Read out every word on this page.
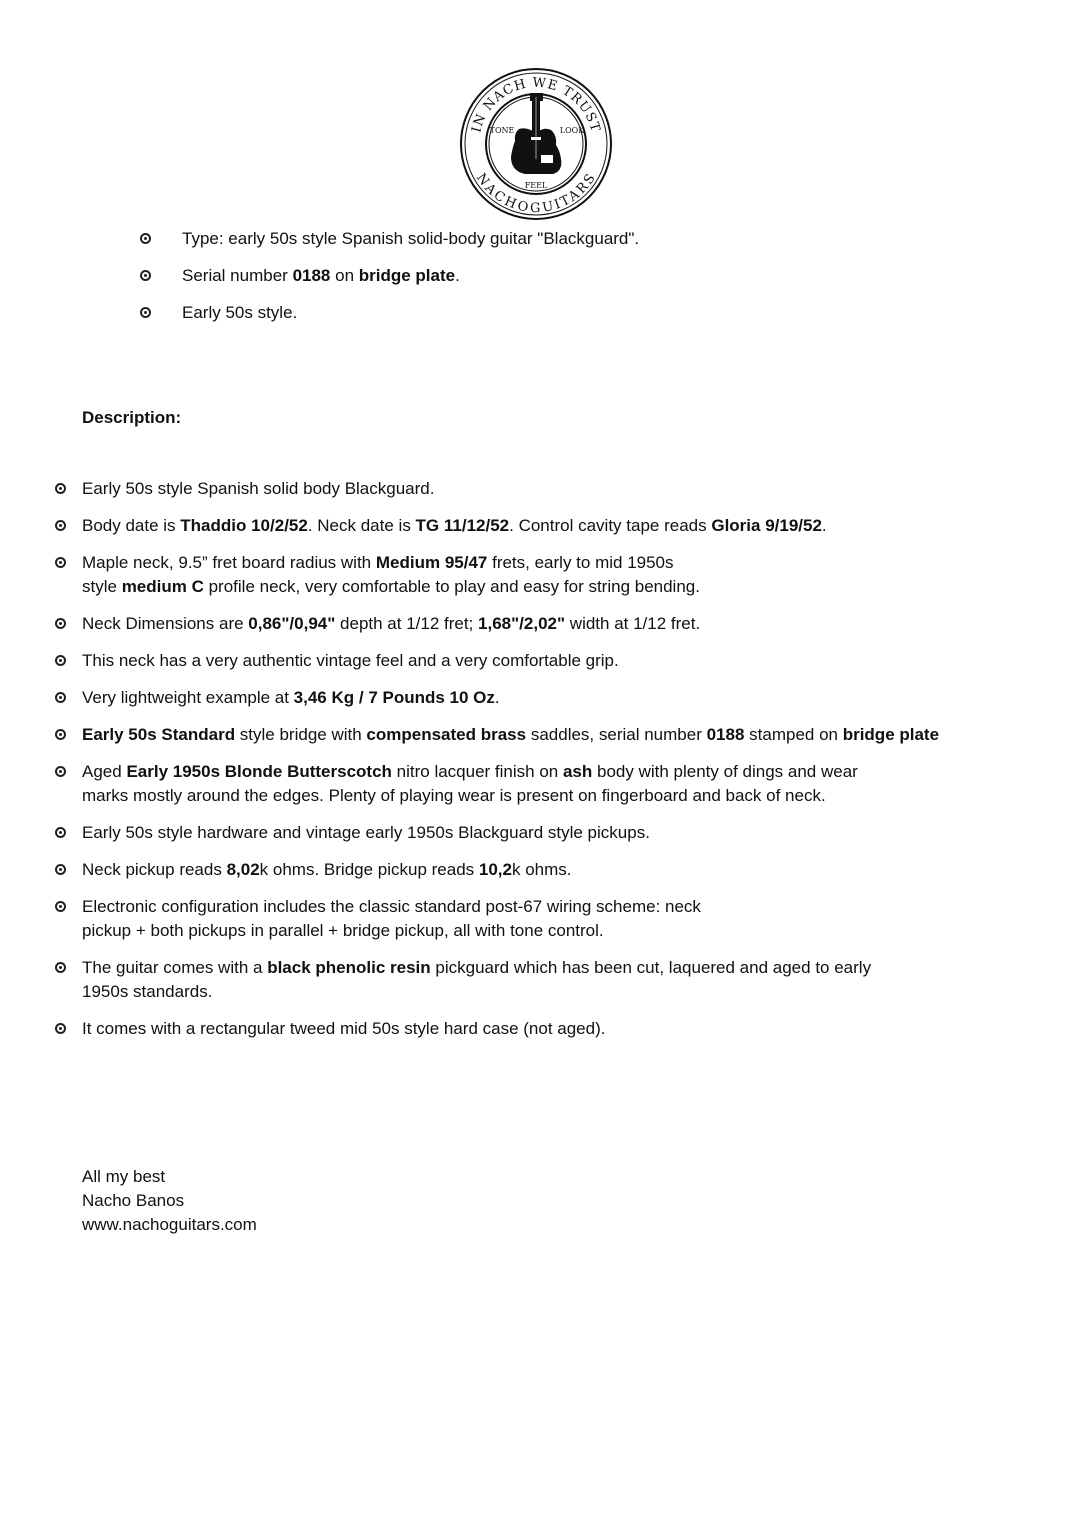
IN NACH WE TRUST
NACHOGUITARS
TONE	LOOK
FEEL
Type: early 50s style Spanish solid-body guitar "Blackguard".
Serial number 0188 on bridge plate.
Early 50s style.
Description:
Early 50s style Spanish solid body Blackguard.
Body date is Thaddio 10/2/52. Neck date is TG 11/12/52. Control cavity tape reads Gloria 9/19/52.
Maple neck, 9.5” fret board radius with Medium 95/47 frets, early to mid 1950s
style medium C profile neck, very comfortable to play and easy for string bending.
Neck Dimensions are 0,86"/0,94" depth at 1/12 fret; 1,68"/2,02" width at 1/12 fret.
This neck has a very authentic vintage feel and a very comfortable grip.
Very lightweight example at 3,46 Kg / 7 Pounds 10 Oz.
Early 50s Standard style bridge with compensated brass saddles, serial number 0188 stamped on bridge plate
Aged Early 1950s Blonde Butterscotch nitro lacquer finish on ash body with plenty of dings and wear
marks mostly around the edges. Plenty of playing wear is present on fingerboard and back of neck.
Early 50s style hardware and vintage early 1950s Blackguard style pickups.
Neck pickup reads 8,02k ohms. Bridge pickup reads 10,2k ohms.
Electronic configuration includes the classic standard post-67 wiring scheme: neck
pickup + both pickups in parallel + bridge pickup, all with tone control.
The guitar comes with a black phenolic resin pickguard which has been cut, laquered and aged to early
1950s standards.
It comes with a rectangular tweed mid 50s style hard case (not aged).
All my best
Nacho Banos
www.nachoguitars.com
